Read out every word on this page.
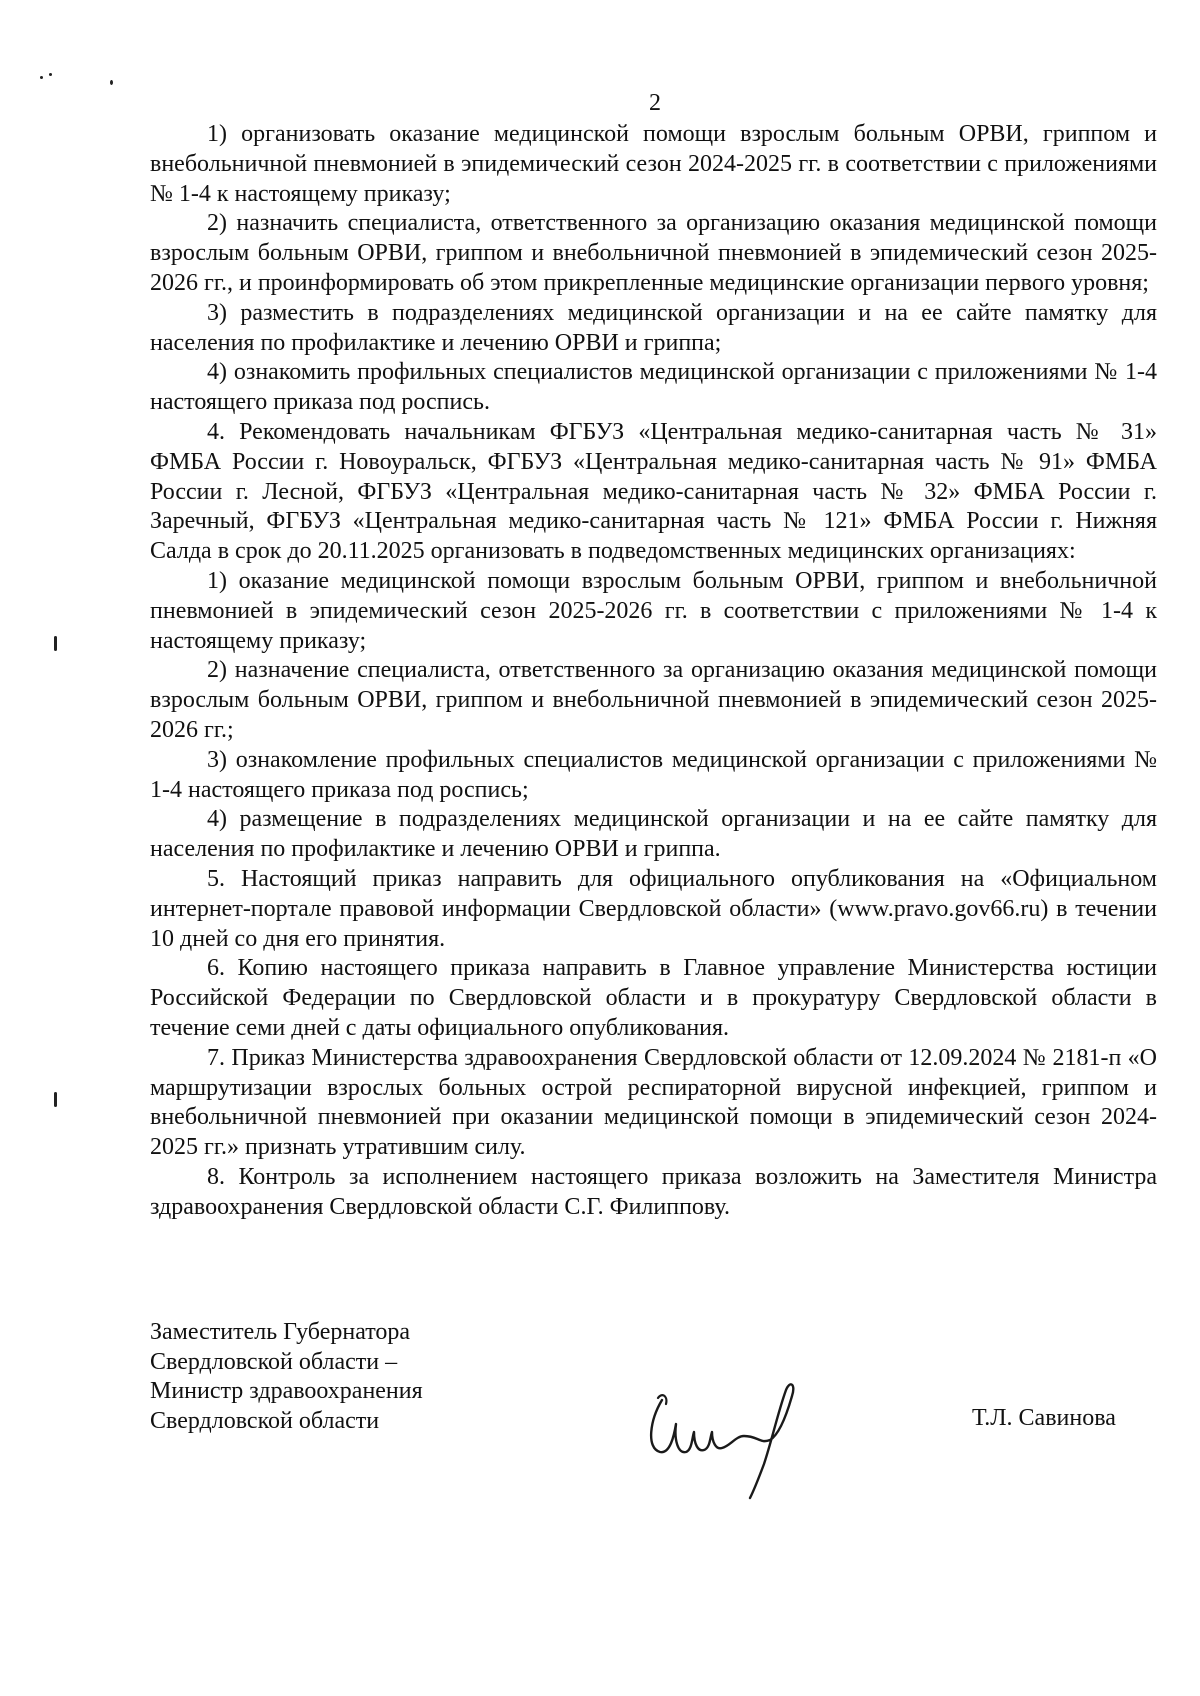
2

1) организовать оказание медицинской помощи взрослым больным ОРВИ, гриппом и внебольничной пневмонией в эпидемический сезон 2024-2025 гг. в соответствии с приложениями № 1-4 к настоящему приказу;

2) назначить специалиста, ответственного за организацию оказания медицинской помощи взрослым больным ОРВИ, гриппом и внебольничной пневмонией в эпидемический сезон 2025-2026 гг., и проинформировать об этом прикрепленные медицинские организации первого уровня;

3) разместить в подразделениях медицинской организации и на ее сайте памятку для населения по профилактике и лечению ОРВИ и гриппа;

4) ознакомить профильных специалистов медицинской организации с приложениями № 1-4 настоящего приказа под роспись.

4. Рекомендовать начальникам ФГБУЗ «Центральная медико-санитарная часть № 31» ФМБА России г. Новоуральск, ФГБУЗ «Центральная медико-санитарная часть № 91» ФМБА России г. Лесной, ФГБУЗ «Центральная медико-санитарная часть № 32» ФМБА России г. Заречный, ФГБУЗ «Центральная медико-санитарная часть № 121» ФМБА России г. Нижняя Салда в срок до 20.11.2025 организовать в подведомственных медицинских организациях:

1) оказание медицинской помощи взрослым больным ОРВИ, гриппом и внебольничной пневмонией в эпидемический сезон 2025-2026 гг. в соответствии с приложениями № 1-4 к настоящему приказу;

2) назначение специалиста, ответственного за организацию оказания медицинской помощи взрослым больным ОРВИ, гриппом и внебольничной пневмонией в эпидемический сезон 2025-2026 гг.;

3) ознакомление профильных специалистов медицинской организации с приложениями № 1-4 настоящего приказа под роспись;

4) размещение в подразделениях медицинской организации и на ее сайте памятку для населения по профилактике и лечению ОРВИ и гриппа.

5. Настоящий приказ направить для официального опубликования на «Официальном интернет-портале правовой информации Свердловской области» (www.pravo.gov66.ru) в течении 10 дней со дня его принятия.

6. Копию настоящего приказа направить в Главное управление Министерства юстиции Российской Федерации по Свердловской области и в прокуратуру Свердловской области в течение семи дней с даты официального опубликования.

7. Приказ Министерства здравоохранения Свердловской области от 12.09.2024 № 2181-п «О маршрутизации взрослых больных острой респираторной вирусной инфекцией, гриппом и внебольничной пневмонией при оказании медицинской помощи в эпидемический сезон 2024-2025 гг.» признать утратившим силу.

8. Контроль за исполнением настоящего приказа возложить на Заместителя Министра здравоохранения Свердловской области С.Г. Филиппову.

Заместитель Губернатора
Свердловской области –
Министр здравоохранения
Свердловской области	Т.Л. Савинова
